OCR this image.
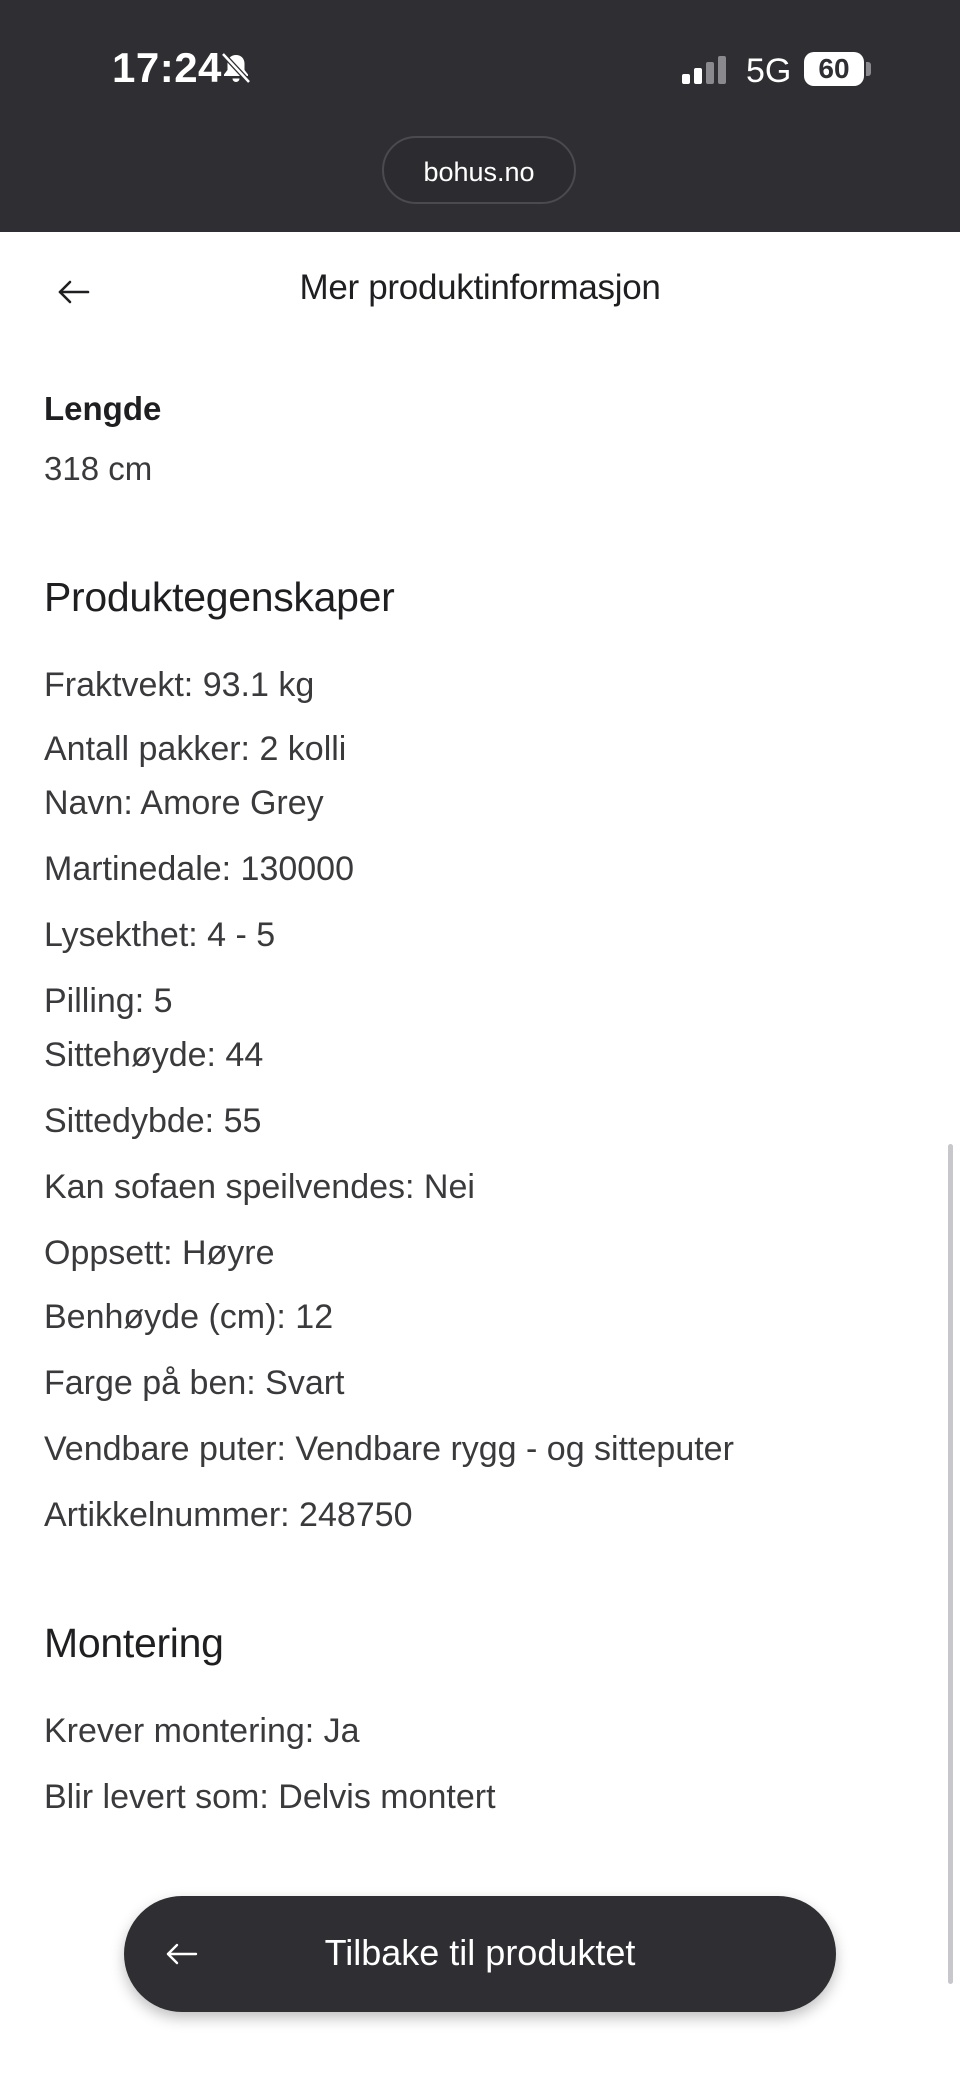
17:24	5G 60
bohus.no
Mer produktinformasjon
Lengde
318 cm
Produktegenskaper
Fraktvekt: 93.1 kg
Antall pakker: 2 kolli
Navn: Amore Grey
Martinedale: 130000
Lysekthet: 4 - 5
Pilling: 5
Sittehøyde: 44
Sittedybde: 55
Kan sofaen speilvendes: Nei
Oppsett: Høyre
Benhøyde (cm): 12
Farge på ben: Svart
Vendbare puter: Vendbare rygg - og sitteputer
Artikkelnummer: 248750
Montering
Krever montering: Ja
Blir levert som: Delvis montert
Tilbake til produktet
